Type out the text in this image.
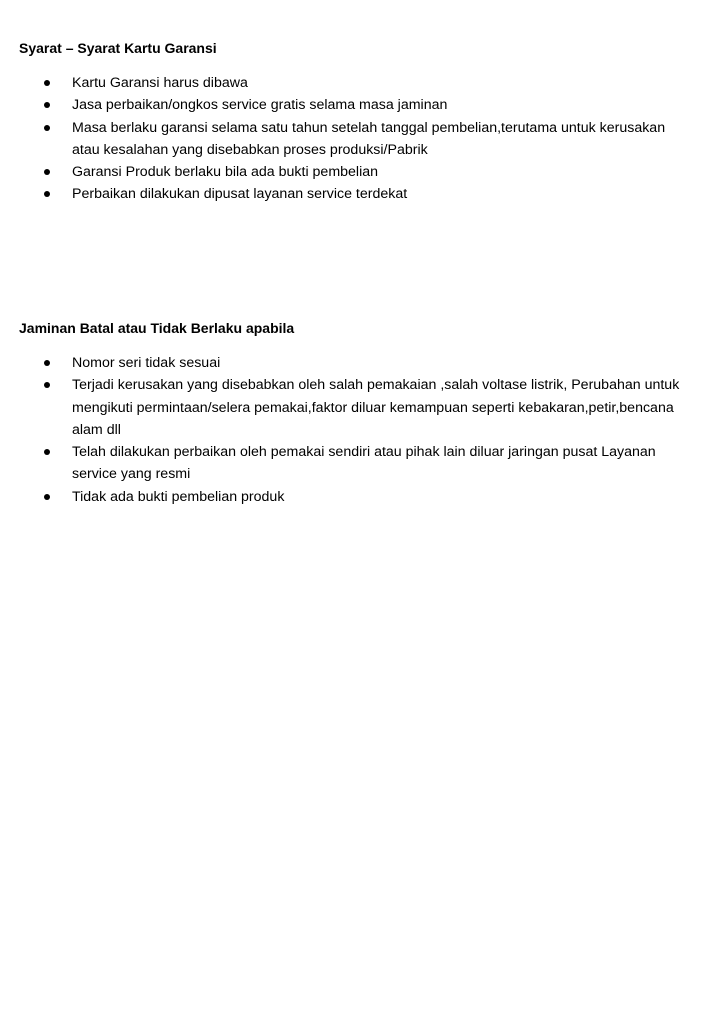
Syarat – Syarat Kartu Garansi

Kartu Garansi harus dibawa
Jasa perbaikan/ongkos service gratis selama masa jaminan
Masa berlaku garansi selama satu tahun setelah tanggal pembelian,terutama untuk kerusakan atau kesalahan yang disebabkan proses produksi/Pabrik
Garansi Produk berlaku bila ada bukti pembelian
Perbaikan dilakukan dipusat layanan service terdekat

Jaminan Batal atau Tidak Berlaku apabila

Nomor seri tidak sesuai
Terjadi kerusakan yang disebabkan oleh salah pemakaian ,salah voltase listrik, Perubahan untuk mengikuti permintaan/selera pemakai,faktor diluar kemampuan seperti kebakaran,petir,bencana alam dll
Telah dilakukan perbaikan oleh pemakai sendiri atau pihak lain diluar jaringan pusat Layanan service yang resmi
Tidak ada bukti pembelian produk
